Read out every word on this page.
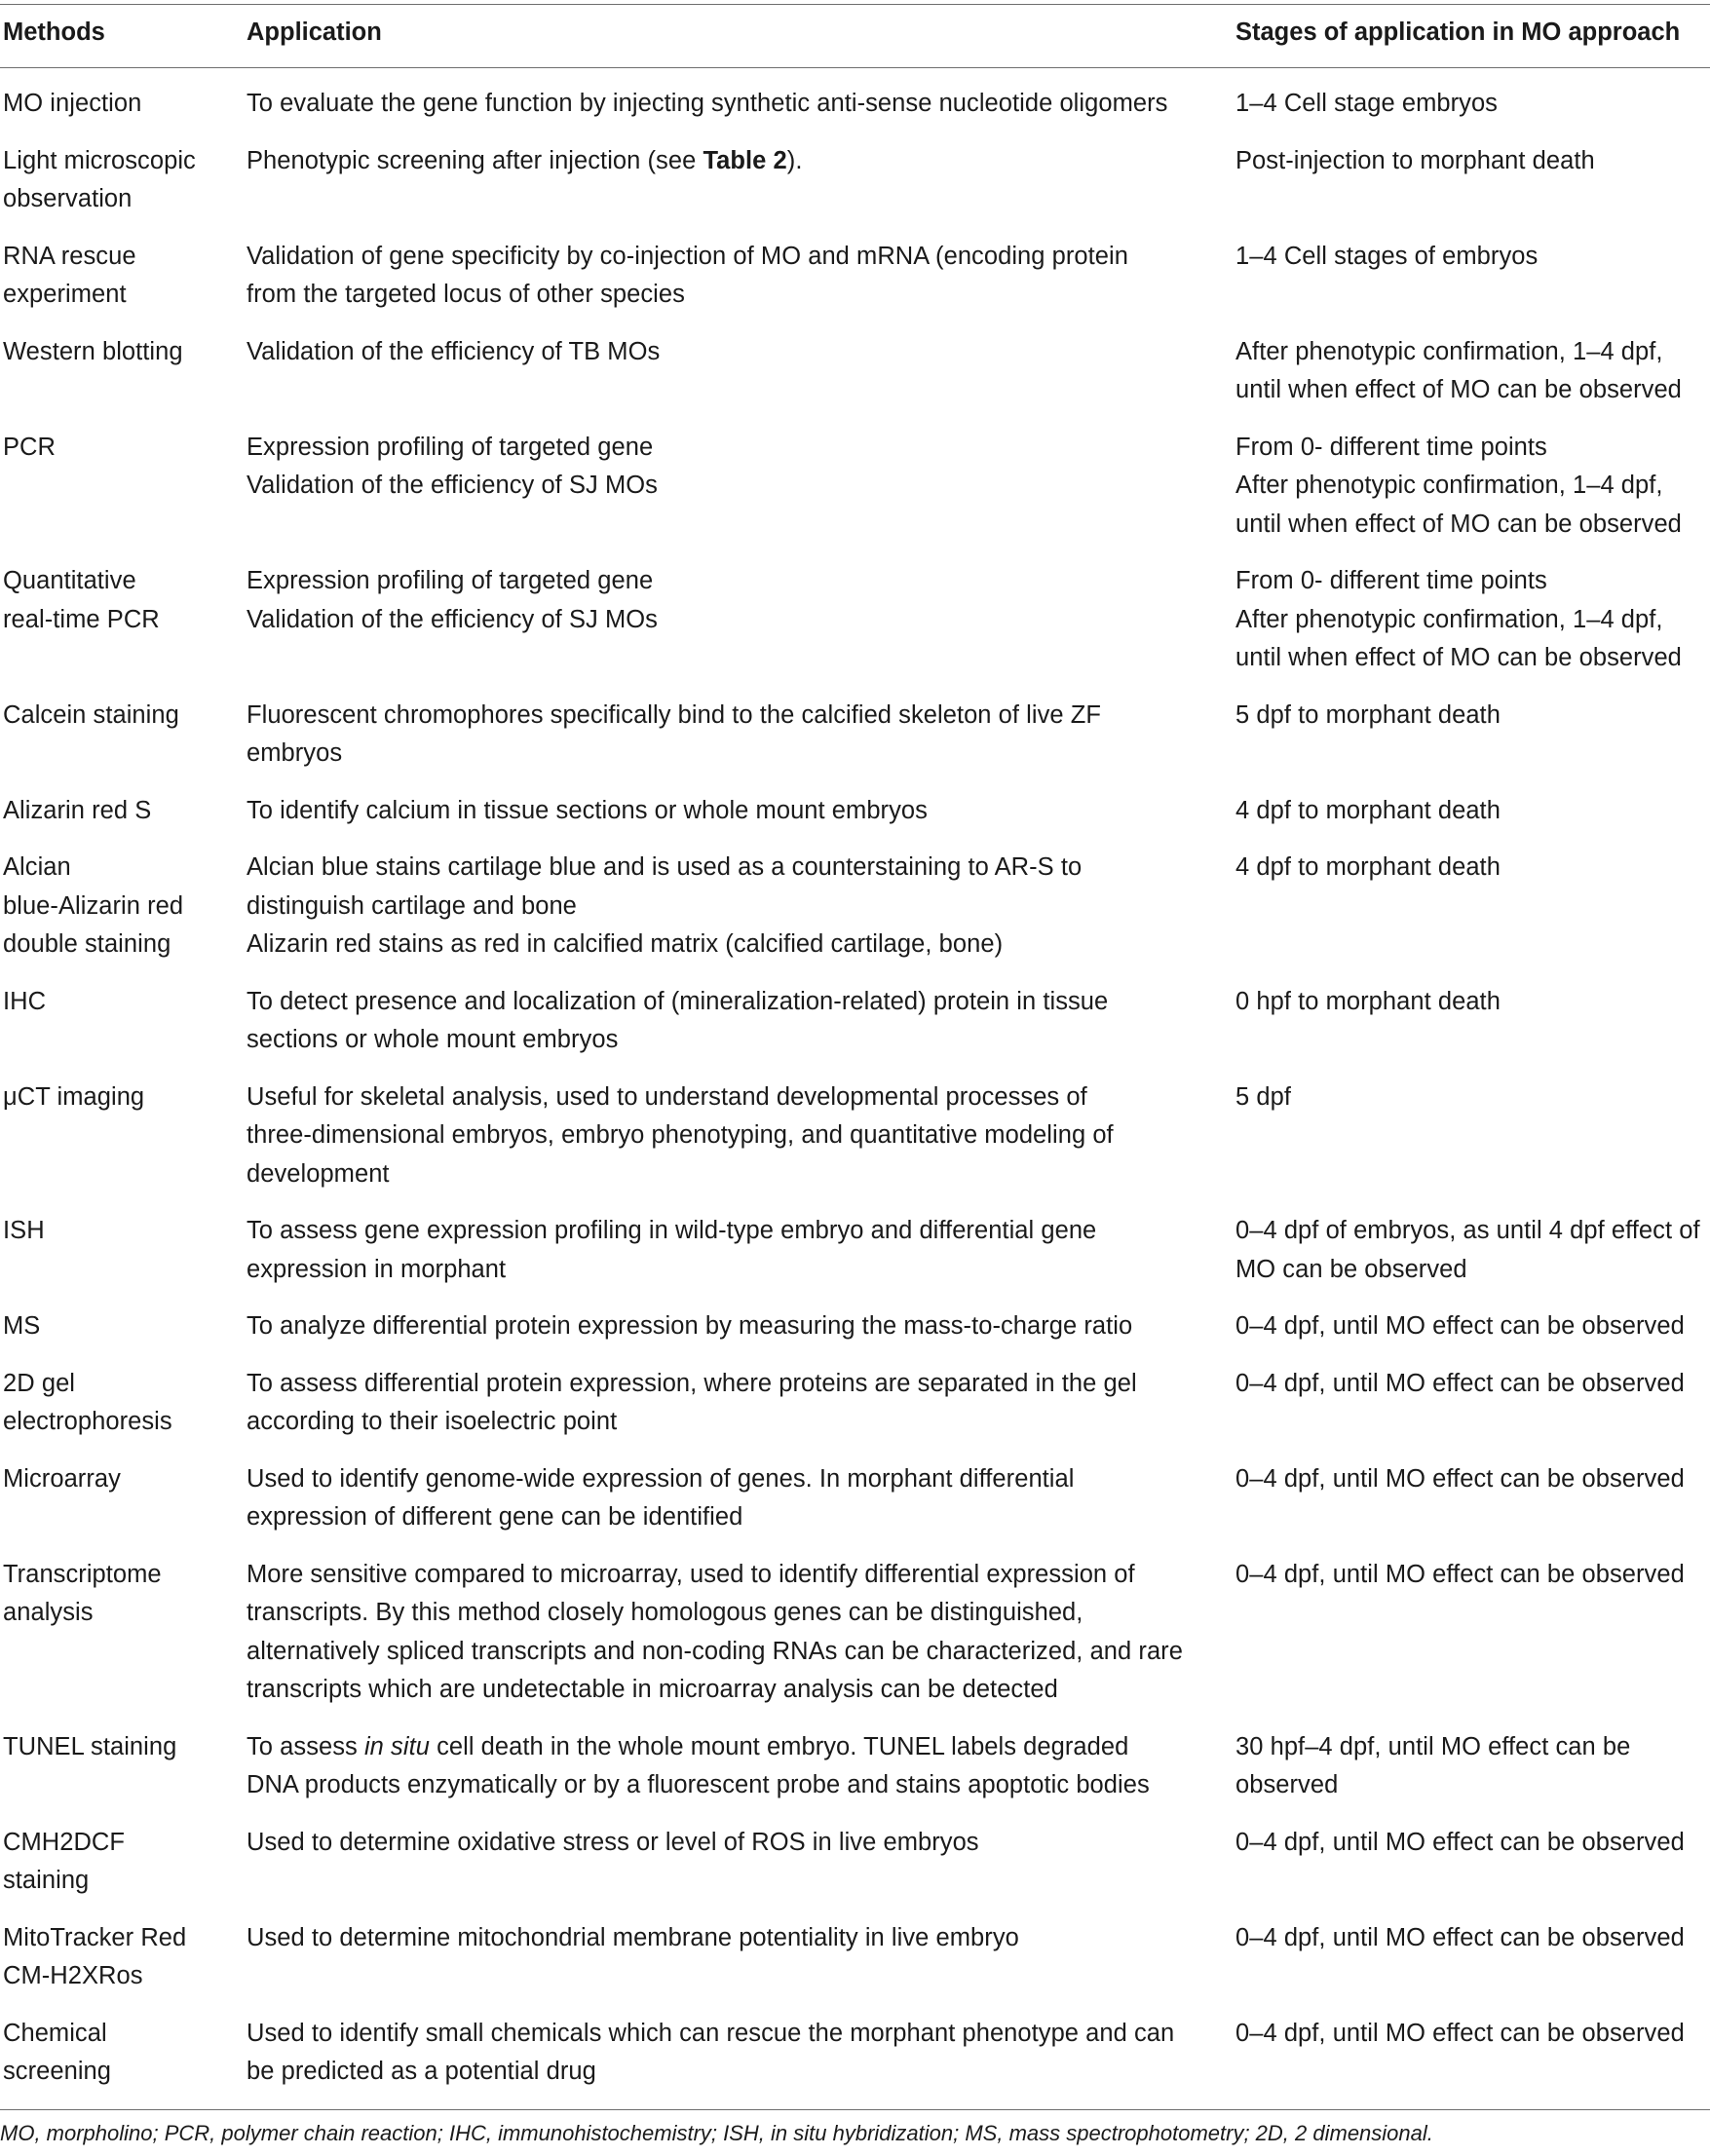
Methods	Application	Stages of application in MO approach

MO injection	To evaluate the gene function by injecting synthetic anti-sense nucleotide oligomers	1–4 Cell stage embryos

Light microscopic
observation	Phenotypic screening after injection (see Table 2).	Post-injection to morphant death

RNA rescue
experiment	Validation of gene specificity by co-injection of MO and mRNA (encoding protein
from the targeted locus of other species	1–4 Cell stages of embryos

Western blotting	Validation of the efficiency of TB MOs	After phenotypic confirmation, 1–4 dpf,
until when effect of MO can be observed

PCR	Expression profiling of targeted gene
Validation of the efficiency of SJ MOs	From 0- different time points
After phenotypic confirmation, 1–4 dpf,
until when effect of MO can be observed

Quantitative
real-time PCR	Expression profiling of targeted gene
Validation of the efficiency of SJ MOs	From 0- different time points
After phenotypic confirmation, 1–4 dpf,
until when effect of MO can be observed

Calcein staining	Fluorescent chromophores specifically bind to the calcified skeleton of live ZF
embryos	5 dpf to morphant death

Alizarin red S	To identify calcium in tissue sections or whole mount embryos	4 dpf to morphant death

Alcian
blue-Alizarin red
double staining	Alcian blue stains cartilage blue and is used as a counterstaining to AR-S to
distinguish cartilage and bone
Alizarin red stains as red in calcified matrix (calcified cartilage, bone)	4 dpf to morphant death

IHC	To detect presence and localization of (mineralization-related) protein in tissue
sections or whole mount embryos	0 hpf to morphant death

μCT imaging	Useful for skeletal analysis, used to understand developmental processes of
three-dimensional embryos, embryo phenotyping, and quantitative modeling of
development	5 dpf

ISH	To assess gene expression profiling in wild-type embryo and differential gene
expression in morphant	0–4 dpf of embryos, as until 4 dpf effect of
MO can be observed

MS	To analyze differential protein expression by measuring the mass-to-charge ratio	0–4 dpf, until MO effect can be observed

2D gel
electrophoresis	To assess differential protein expression, where proteins are separated in the gel
according to their isoelectric point	0–4 dpf, until MO effect can be observed

Microarray	Used to identify genome-wide expression of genes. In morphant differential
expression of different gene can be identified	0–4 dpf, until MO effect can be observed

Transcriptome
analysis	More sensitive compared to microarray, used to identify differential expression of
transcripts. By this method closely homologous genes can be distinguished,
alternatively spliced transcripts and non-coding RNAs can be characterized, and rare
transcripts which are undetectable in microarray analysis can be detected	0–4 dpf, until MO effect can be observed

TUNEL staining	To assess in situ cell death in the whole mount embryo. TUNEL labels degraded
DNA products enzymatically or by a fluorescent probe and stains apoptotic bodies	30 hpf–4 dpf, until MO effect can be
observed

CMH2DCF
staining	Used to determine oxidative stress or level of ROS in live embryos	0–4 dpf, until MO effect can be observed

MitoTracker Red
CM-H2XRos	Used to determine mitochondrial membrane potentiality in live embryo	0–4 dpf, until MO effect can be observed

Chemical
screening	Used to identify small chemicals which can rescue the morphant phenotype and can
be predicted as a potential drug	0–4 dpf, until MO effect can be observed
MO, morpholino; PCR, polymer chain reaction; IHC, immunohistochemistry; ISH, in situ hybridization; MS, mass spectrophotometry; 2D, 2 dimensional.
